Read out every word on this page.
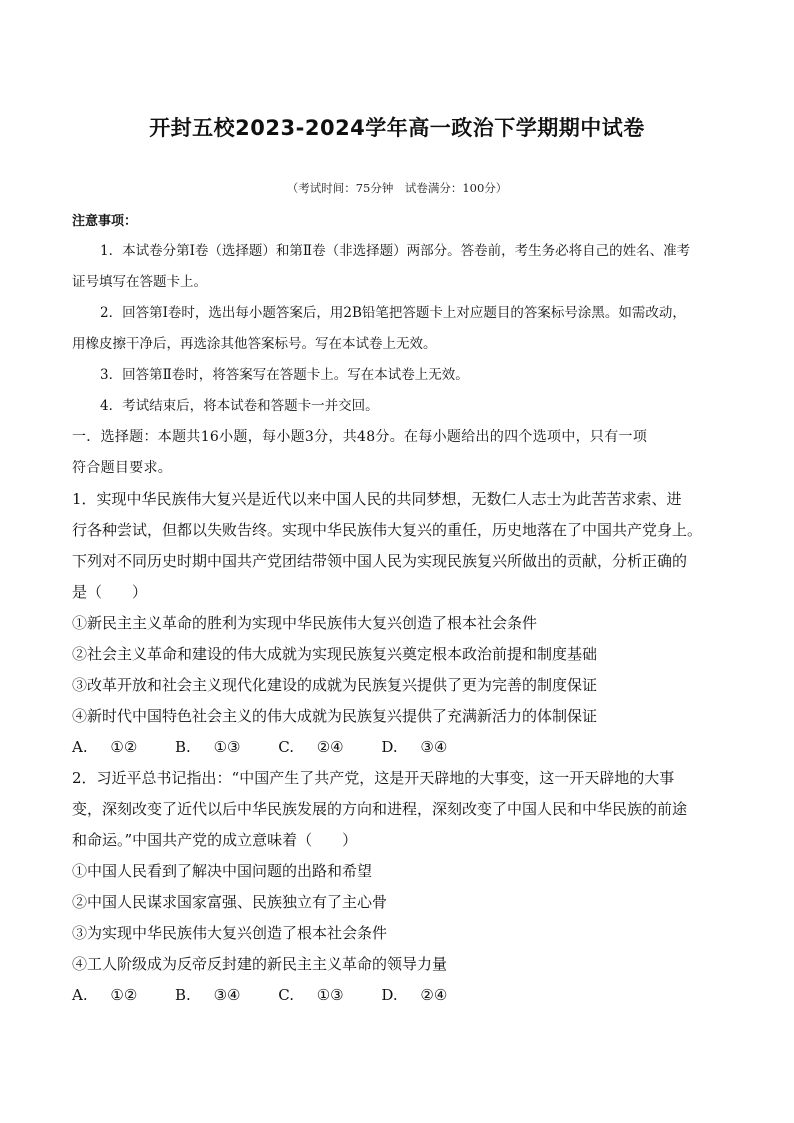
开封五校2023-2024学年高一政治下学期期中试卷
（考试时间：75分钟　试卷满分：100分）
注意事项：
1．本试卷分第Ⅰ卷（选择题）和第Ⅱ卷（非选择题）两部分。答卷前，考生务必将自己的姓名、准考
证号填写在答题卡上。
2．回答第Ⅰ卷时，选出每小题答案后，用2B铅笔把答题卡上对应题目的答案标号涂黑。如需改动，
用橡皮擦干净后，再选涂其他答案标号。写在本试卷上无效。
3．回答第Ⅱ卷时，将答案写在答题卡上。写在本试卷上无效。
4．考试结束后，将本试卷和答题卡一并交回。
一．选择题：本题共16小题，每小题3分，共48分。在每小题给出的四个选项中，只有一项
符合题目要求。
1．实现中华民族伟大复兴是近代以来中国人民的共同梦想，无数仁人志士为此苦苦求索、进
行各种尝试，但都以失败告终。实现中华民族伟大复兴的重任，历史地落在了中国共产党身上。
下列对不同历史时期中国共产党团结带领中国人民为实现民族复兴所做出的贡献，分析正确的
是（　　）
①新民主主义革命的胜利为实现中华民族伟大复兴创造了根本社会条件
②社会主义革命和建设的伟大成就为实现民族复兴奠定根本政治前提和制度基础
③改革开放和社会主义现代化建设的成就为民族复兴提供了更为完善的制度保证
④新时代中国特色社会主义的伟大成就为民族复兴提供了充满新活力的体制保证
A. ①②　 B. ①③　 C. ②④　 D. ③④
2．习近平总书记指出：“中国产生了共产党，这是开天辟地的大事变，这一开天辟地的大事
变，深刻改变了近代以后中华民族发展的方向和进程，深刻改变了中国人民和中华民族的前途
和命运。”中国共产党的成立意味着（　　）
①中国人民看到了解决中国问题的出路和希望
②中国人民谋求国家富强、民族独立有了主心骨
③为实现中华民族伟大复兴创造了根本社会条件
④工人阶级成为反帝反封建的新民主主义革命的领导力量
A. ①②　 B. ③④　 C. ①③　 D. ②④
